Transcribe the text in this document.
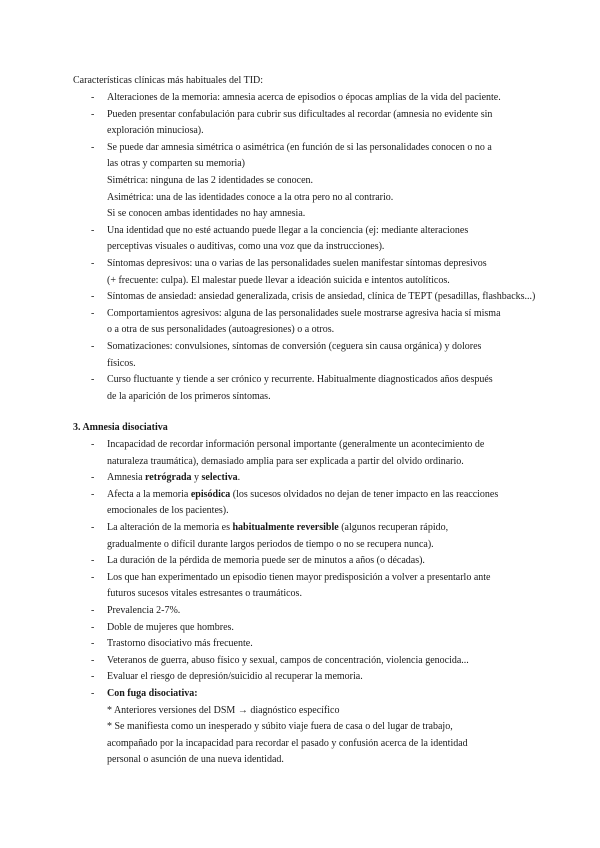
Características clínicas más habituales del TID:
- Alteraciones de la memoria: amnesia acerca de episodios o épocas amplias de la vida del paciente.
- Pueden presentar confabulación para cubrir sus dificultades al recordar (amnesia no evidente sin
exploración minuciosa).
- Se puede dar amnesia simétrica o asimétrica (en función de si las personalidades conocen o no a
las otras y comparten su memoria)
Simétrica: ninguna de las 2 identidades se conocen.
Asimétrica: una de las identidades conoce a la otra pero no al contrario.
Si se conocen ambas identidades no hay amnesia.
- Una identidad que no esté actuando puede llegar a la conciencia (ej: mediante alteraciones
perceptivas visuales o auditivas, como una voz que da instrucciones).
- Síntomas depresivos: una o varias de las personalidades suelen manifestar síntomas depresivos
(+ frecuente: culpa). El malestar puede llevar a ideación suicida e intentos autolíticos.
- Síntomas de ansiedad: ansiedad generalizada, crisis de ansiedad, clínica de TEPT (pesadillas, flashbacks...)
- Comportamientos agresivos: alguna de las personalidades suele mostrarse agresiva hacia sí misma
o a otra de sus personalidades (autoagresiones) o a otros.
- Somatizaciones: convulsiones, síntomas de conversión (ceguera sin causa orgánica) y dolores
físicos.
- Curso fluctuante y tiende a ser crónico y recurrente. Habitualmente diagnosticados años después
de la aparición de los primeros síntomas.
3. Amnesia disociativa
- Incapacidad de recordar información personal importante (generalmente un acontecimiento de
naturaleza traumática), demasiado amplia para ser explicada a partir del olvido ordinario.
- Amnesia retrógrada y selectiva.
- Afecta a la memoria episódica (los sucesos olvidados no dejan de tener impacto en las reacciones
emocionales de los pacientes).
- La alteración de la memoria es habitualmente reversible (algunos recuperan rápido,
gradualmente o difícil durante largos periodos de tiempo o no se recupera nunca).
- La duración de la pérdida de memoria puede ser de minutos a años (o décadas).
- Los que han experimentado un episodio tienen mayor predisposición a volver a presentarlo ante
futuros sucesos vitales estresantes o traumáticos.
- Prevalencia 2-7%.
- Doble de mujeres que hombres.
- Trastorno disociativo más frecuente.
- Veteranos de guerra, abuso físico y sexual, campos de concentración, violencia genocida...
- Evaluar el riesgo de depresión/suicidio al recuperar la memoria.
- Con fuga disociativa:
* Anteriores versiones del DSM → diagnóstico específico
* Se manifiesta como un inesperado y súbito viaje fuera de casa o del lugar de trabajo,
acompañado por la incapacidad para recordar el pasado y confusión acerca de la identidad
personal o asunción de una nueva identidad.
